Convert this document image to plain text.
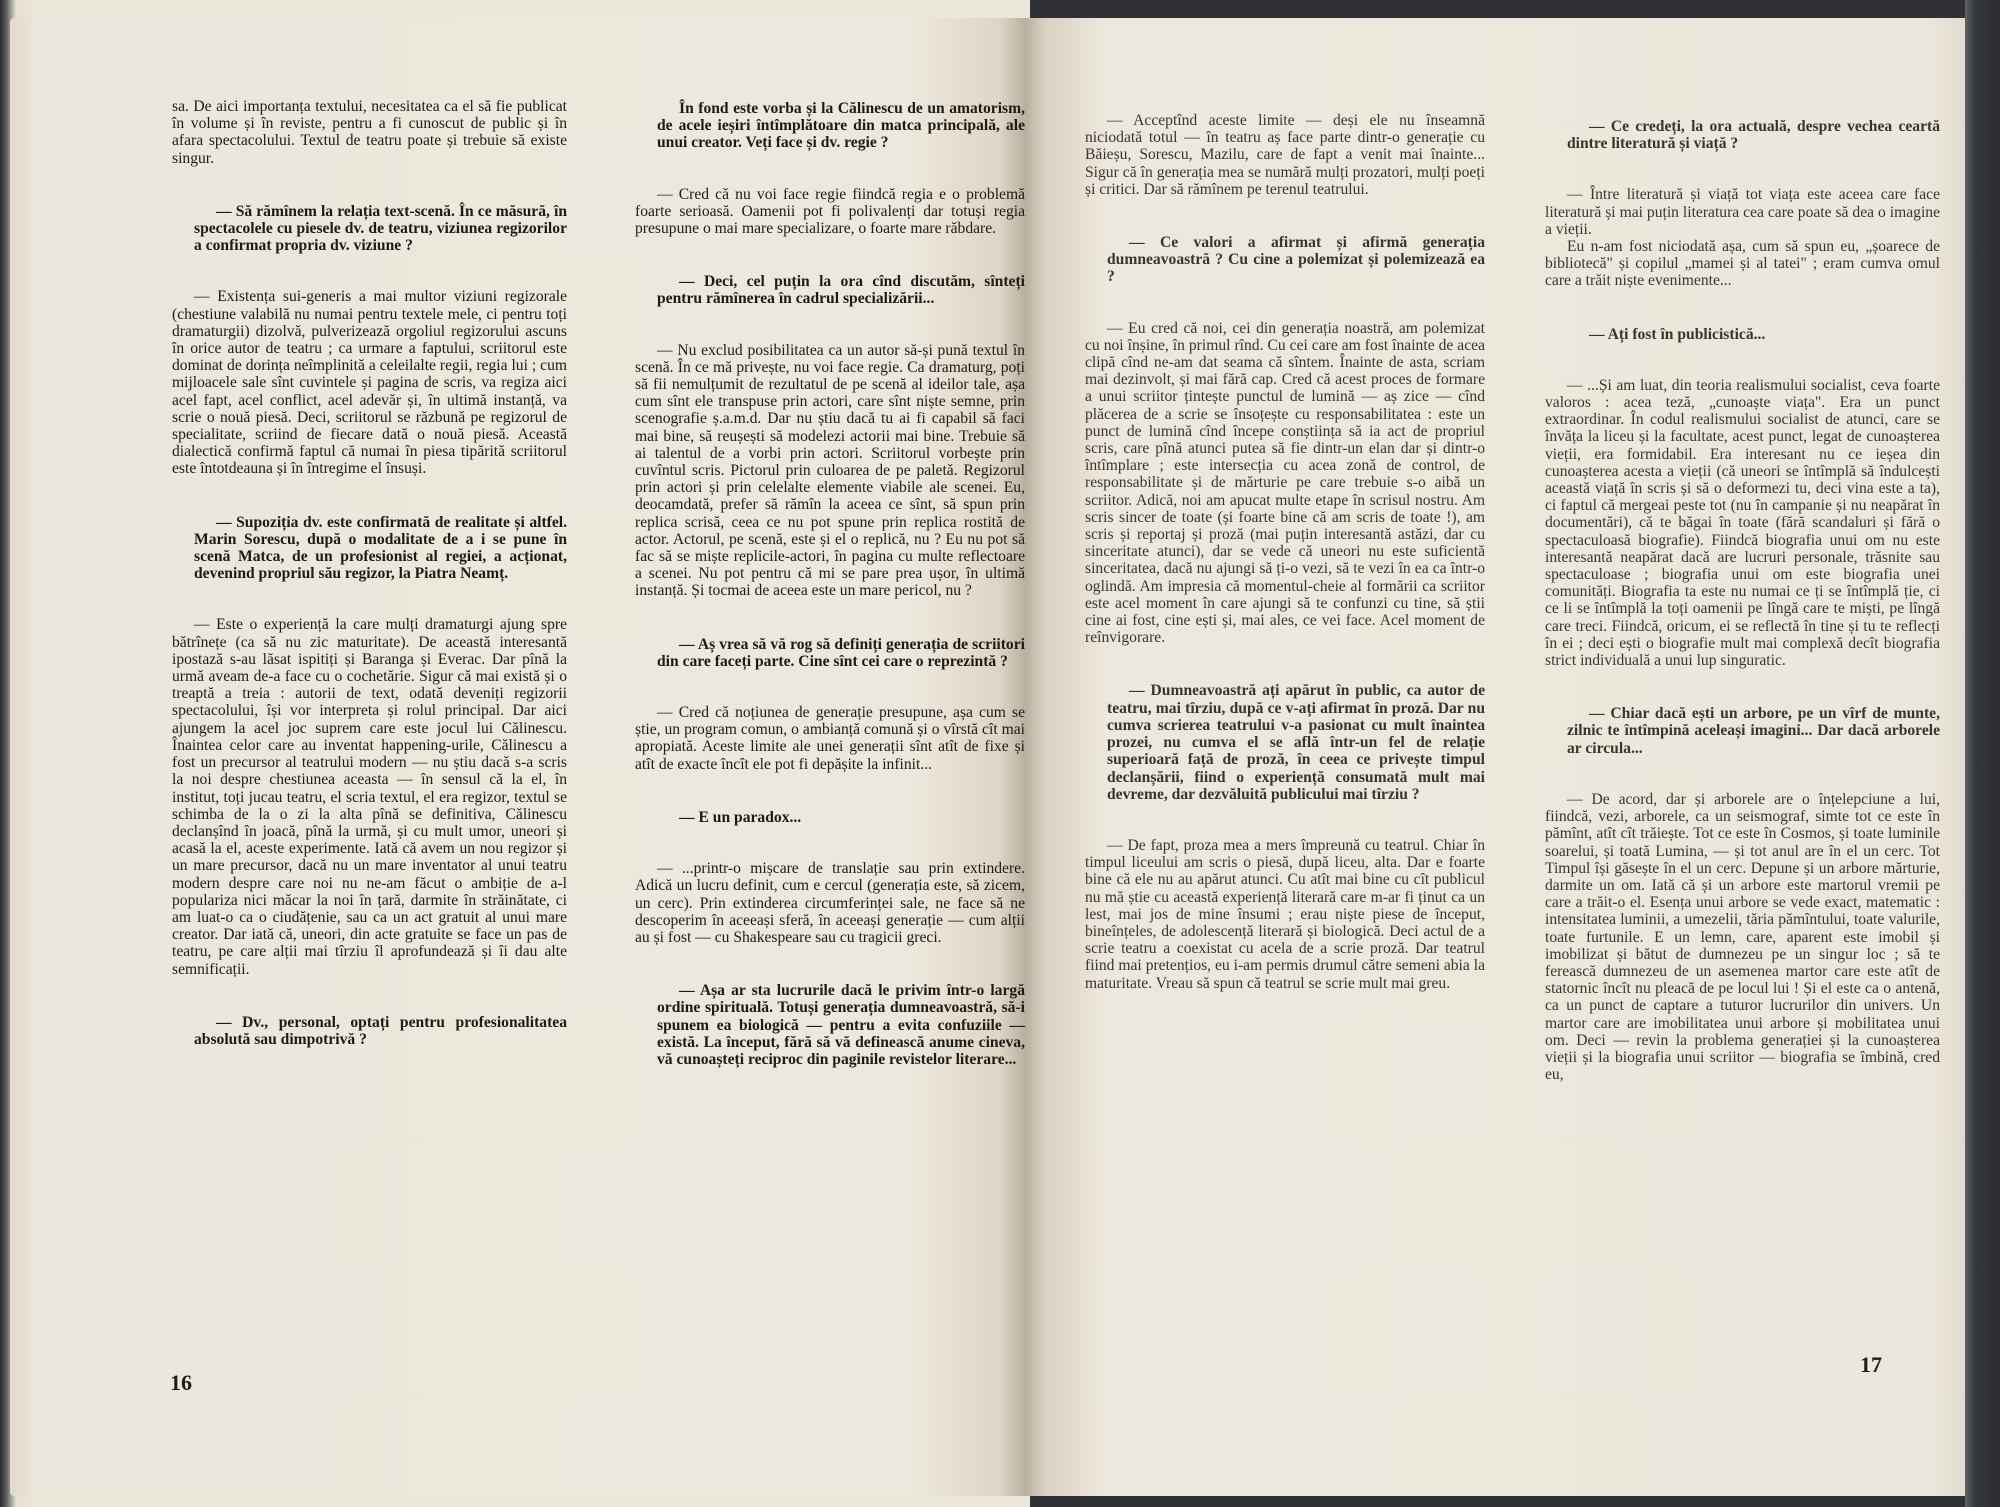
sa. De aici importanța textului, necesitatea ca el să fie publicat în volume și în reviste, pentru a fi cunoscut de public și în afara spectacolului. Textul de teatru poate și trebuie să existe singur.

— Să rămînem la relația text-scenă. În ce măsură, în spectacolele cu piesele dv. de teatru, viziunea regizorilor a confirmat propria dv. viziune ?

— Existența sui-generis a mai multor viziuni regizorale (chestiune valabilă nu numai pentru textele mele, ci pentru toți dramaturgii) dizolvă, pulverizează orgoliul regizorului ascuns în orice autor de teatru ; ca urmare a faptului, scriitorul este dominat de dorința neîmplinită a celeilalte regii, regia lui ; cum mijloacele sale sînt cuvintele și pagina de scris, va regiza aici acel fapt, acel conflict, acel adevăr și, în ultimă instanță, va scrie o nouă piesă. Deci, scriitorul se răzbună pe regizorul de specialitate, scriind de fiecare dată o nouă piesă. Această dialectică confirmă faptul că numai în piesa tipărită scriitorul este întotdeauna și în întregime el însuși.

— Supoziția dv. este confirmată de realitate și altfel. Marin Sorescu, după o modalitate de a i se pune în scenă Matca, de un profesionist al regiei, a acționat, devenind propriul său regizor, la Piatra Neamț.

— Este o experiență la care mulți dramaturgi ajung spre bătrînețe (ca să nu zic maturitate). De această interesantă ipostază s-au lăsat ispitiți și Baranga și Everac. Dar pînă la urmă aveam de-a face cu o cochetărie. Sigur că mai există și o treaptă a treia : autorii de text, odată deveniți regizorii spectacolului, își vor interpreta și rolul principal. Dar aici ajungem la acel joc suprem care este jocul lui Călinescu. Înaintea celor care au inventat happening-urile, Călinescu a fost un precursor al teatrului modern — nu știu dacă s-a scris la noi despre chestiunea aceasta — în sensul că la el, în institut, toți jucau teatru, el scria textul, el era regizor, textul se schimba de la o zi la alta pînă se definitiva, Călinescu declanșînd în joacă, pînă la urmă, și cu mult umor, uneori și acasă la el, aceste experimente. Iată că avem un nou regizor și un mare precursor, dacă nu un mare inventator al unui teatru modern despre care noi nu ne-am făcut o ambiție de a-l populariza nici măcar la noi în țară, darmite în străinătate, ci am luat-o ca o ciudățenie, sau ca un act gratuit al unui mare creator. Dar iată că, uneori, din acte gratuite se face un pas de teatru, pe care alții mai tîrziu îl aprofundează și îi dau alte semnificații.

— Dv., personal, optați pentru profesionalitatea absolută sau dimpotrivă ?

În fond este vorba și la Călinescu de un amatorism, de acele ieșiri întîmplătoare din matca principală, ale unui creator. Veți face și dv. regie ?

— Cred că nu voi face regie fiindcă regia e o problemă foarte serioasă. Oamenii pot fi polivalenți dar totuși regia presupune o mai mare specializare, o foarte mare răbdare.

— Deci, cel puțin la ora cînd discutăm, sînteți pentru rămînerea în cadrul specializării...

— Nu exclud posibilitatea ca un autor să-și pună textul în scenă. În ce mă privește, nu voi face regie. Ca dramaturg, poți să fii nemulțumit de rezultatul de pe scenă al ideilor tale, așa cum sînt ele transpuse prin actori, care sînt niște semne, prin scenografie ș.a.m.d. Dar nu știu dacă tu ai fi capabil să faci mai bine, să reușești să modelezi actorii mai bine. Trebuie să ai talentul de a vorbi prin actori. Scriitorul vorbește prin cuvîntul scris. Pictorul prin culoarea de pe paletă. Regizorul prin actori și prin celelalte elemente viabile ale scenei. Eu, deocamdată, prefer să rămîn la aceea ce sînt, să spun prin replica scrisă, ceea ce nu pot spune prin replica rostită de actor. Actorul, pe scenă, este și el o replică, nu ? Eu nu pot să fac să se miște replicile-actori, în pagina cu multe reflectoare a scenei. Nu pot pentru că mi se pare prea ușor, în ultimă instanță. Și tocmai de aceea este un mare pericol, nu ?

— Aș vrea să vă rog să definiți generația de scriitori din care faceți parte. Cine sînt cei care o reprezintă ?

— Cred că noțiunea de generație presupune, așa cum se știe, un program comun, o ambianță comună și o vîrstă cît mai apropiată. Aceste limite ale unei generații sînt atît de fixe și atît de exacte încît ele pot fi depășite la infinit...

— E un paradox...

— ...printr-o mișcare de translație sau prin extindere. Adică un lucru definit, cum e cercul (generația este, să zicem, un cerc). Prin extinderea circumferinței sale, ne face să ne descoperim în aceeași sferă, în aceeași generație — cum alții au și fost — cu Shakespeare sau cu tragicii greci.

— Așa ar sta lucrurile dacă le privim într-o largă ordine spirituală. Totuși generația dumneavoastră, să-i spunem ea biologică — pentru a evita confuziile — există. La început, fără să vă definească anume cineva, vă cunoașteți reciproc din paginile revistelor literare...

— Acceptînd aceste limite — deși ele nu înseamnă niciodată totul — în teatru aș face parte dintr-o generație cu Băieșu, Sorescu, Mazilu, care de fapt a venit mai înainte... Sigur că în generația mea se numără mulți prozatori, mulți poeți și critici. Dar să rămînem pe terenul teatrului.

— Ce valori a afirmat și afirmă generația dumneavoastră ? Cu cine a polemizat și polemizează ea ?

— Eu cred că noi, cei din generația noastră, am polemizat cu noi înșine, în primul rînd. Cu cei care am fost înainte de acea clipă cînd ne-am dat seama că sîntem. Înainte de asta, scriam mai dezinvolt, și mai fără cap. Cred că acest proces de formare a unui scriitor țintește punctul de lumină — aș zice — cînd plăcerea de a scrie se însoțește cu responsabilitatea : este un punct de lumină cînd începe conștiința să ia act de propriul scris, care pînă atunci putea să fie dintr-un elan dar și dintr-o întîmplare ; este intersecția cu acea zonă de control, de responsabilitate și de mărturie pe care trebuie s-o aibă un scriitor. Adică, noi am apucat multe etape în scrisul nostru. Am scris sincer de toate (și foarte bine că am scris de toate !), am scris și reportaj și proză (mai puțin interesantă astăzi, dar cu sinceritate atunci), dar se vede că uneori nu este suficientă sinceritatea, dacă nu ajungi să ți-o vezi, să te vezi în ea ca într-o oglindă. Am impresia că momentul-cheie al formării ca scriitor este acel moment în care ajungi să te confunzi cu tine, să știi cine ai fost, cine ești și, mai ales, ce vei face. Acel moment de reînvigorare.

— Dumneavoastră ați apărut în public, ca autor de teatru, mai tîrziu, după ce v-ați afirmat în proză. Dar nu cumva scrierea teatrului v-a pasionat cu mult înaintea prozei, nu cumva el se află într-un fel de relație superioară față de proză, în ceea ce privește timpul declanșării, fiind o experiență consumată mult mai devreme, dar dezvăluită publicului mai tîrziu ?

— De fapt, proza mea a mers împreună cu teatrul. Chiar în timpul liceului am scris o piesă, după liceu, alta. Dar e foarte bine că ele nu au apărut atunci. Cu atît mai bine cu cît publicul nu mă știe cu această experiență literară care m-ar fi ținut ca un lest, mai jos de mine însumi ; erau niște piese de început, bineînțeles, de adolescență literară și biologică. Deci actul de a scrie teatru a coexistat cu acela de a scrie proză. Dar teatrul fiind mai pretențios, eu i-am permis drumul către semeni abia la maturitate. Vreau să spun că teatrul se scrie mult mai greu.

— Ce credeți, la ora actuală, despre vechea ceartă dintre literatură și viață ?

— Între literatură și viață tot viața este aceea care face literatură și mai puțin literatura cea care poate să dea o imagine a vieții.

Eu n-am fost niciodată așa, cum să spun eu, „șoarece de bibliotecă" și copilul „mamei și al tatei" ; eram cumva omul care a trăit niște evenimente...

— Ați fost în publicistică...

— ...Și am luat, din teoria realismului socialist, ceva foarte valoros : acea teză, „cunoaște viața". Era un punct extraordinar. În codul realismului socialist de atunci, care se învăța la liceu și la facultate, acest punct, legat de cunoașterea vieții, era formidabil. Era interesant nu ce ieșea din cunoașterea acesta a vieții (că uneori se întîmplă să îndulcești această viață în scris și să o deformezi tu, deci vina este a ta), ci faptul că mergeai peste tot (nu în campanie și nu neapărat în documentări), că te băgai în toate (fără scandaluri și fără o spectaculoasă biografie). Fiindcă biografia unui om nu este interesantă neapărat dacă are lucruri personale, trăsnite sau spectaculoase ; biografia unui om este biografia unei comunități. Biografia ta este nu numai ce ți se întîmplă ție, ci ce li se întîmplă la toți oamenii pe lîngă care te miști, pe lîngă care treci. Fiindcă, oricum, ei se reflectă în tine și tu te reflecți în ei ; deci ești o biografie mult mai complexă decît biografia strict individuală a unui lup singuratic.

— Chiar dacă ești un arbore, pe un vîrf de munte, zilnic te întîmpină aceleași imagini... Dar dacă arborele ar circula...

— De acord, dar și arborele are o înțelepciune a lui, fiindcă, vezi, arborele, ca un seismograf, simte tot ce este în pămînt, atît cît trăiește. Tot ce este în Cosmos, și toate luminile soarelui, și toată Lumina, — și tot anul are în el un cerc. Tot Timpul își găsește în el un cerc. Depune și un arbore mărturie, darmite un om. Iată că și un arbore este martorul vremii pe care a trăit-o el. Esența unui arbore se vede exact, matematic : intensitatea luminii, a umezelii, tăria pămîntului, toate valurile, toate furtunile. E un lemn, care, aparent este imobil și imobilizat și bătut de dumnezeu pe un singur loc ; să te ferească dumnezeu de un asemenea martor care este atît de statornic încît nu pleacă de pe locul lui ! Și el este ca o antenă, ca un punct de captare a tuturor lucrurilor din univers. Un martor care are imobilitatea unui arbore și mobilitatea unui om. Deci — revin la problema generației și la cunoașterea vieții și la biografia unui scriitor — biografia se îmbină, cred eu,

16
17
